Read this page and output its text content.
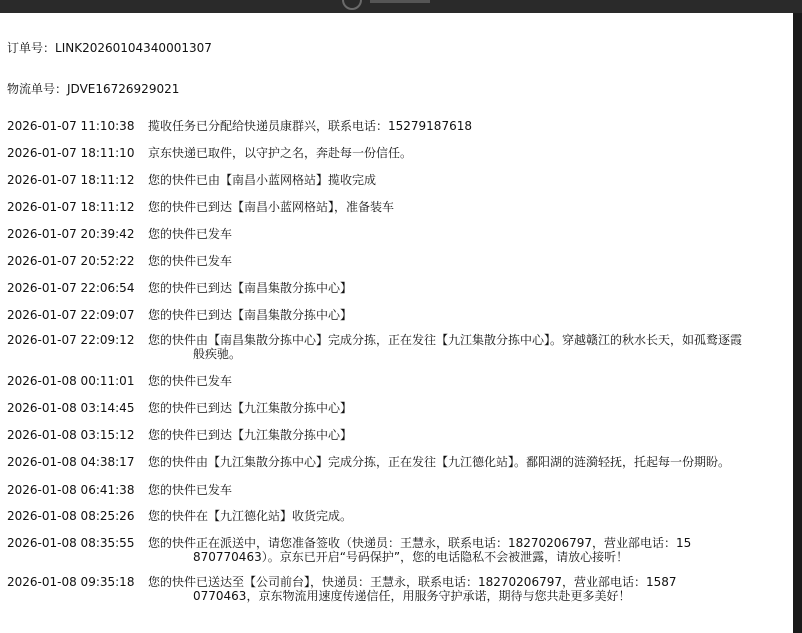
订单号：LINK20260104340001307
物流单号：JDVE16726929021
2026-01-07 11:10:38 揽收任务已分配给快递员康群兴，联系电话：15279187618
2026-01-07 18:11:10 京东快递已取件，以守护之名，奔赴每一份信任。
2026-01-07 18:11:12 您的快件已由【南昌小蓝网格站】揽收完成
2026-01-07 18:11:12 您的快件已到达【南昌小蓝网格站】，准备装车
2026-01-07 20:39:42 您的快件已发车
2026-01-07 20:52:22 您的快件已发车
2026-01-07 22:06:54 您的快件已到达【南昌集散分拣中心】
2026-01-07 22:09:07 您的快件已到达【南昌集散分拣中心】
2026-01-07 22:09:12 您的快件由【南昌集散分拣中心】完成分拣，正在发往【九江集散分拣中心】。穿越赣江的秋水长天，如孤鹜逐霞
般疾驰。
2026-01-08 00:11:01 您的快件已发车
2026-01-08 03:14:45 您的快件已到达【九江集散分拣中心】
2026-01-08 03:15:12 您的快件已到达【九江集散分拣中心】
2026-01-08 04:38:17 您的快件由【九江集散分拣中心】完成分拣，正在发往【九江德化站】。鄱阳湖的涟漪轻抚，托起每一份期盼。
2026-01-08 06:41:38 您的快件已发车
2026-01-08 08:25:26 您的快件在【九江德化站】收货完成。
2026-01-08 08:35:55 您的快件正在派送中，请您准备签收（快递员：王慧永，联系电话：18270206797，营业部电话：15
870770463）。京东已开启“号码保护”，您的电话隐私不会被泄露，请放心接听！
2026-01-08 09:35:18 您的快件已送达至【公司前台】，快递员：王慧永，联系电话：18270206797，营业部电话：1587
0770463，京东物流用速度传递信任，用服务守护承诺，期待与您共赴更多美好！
